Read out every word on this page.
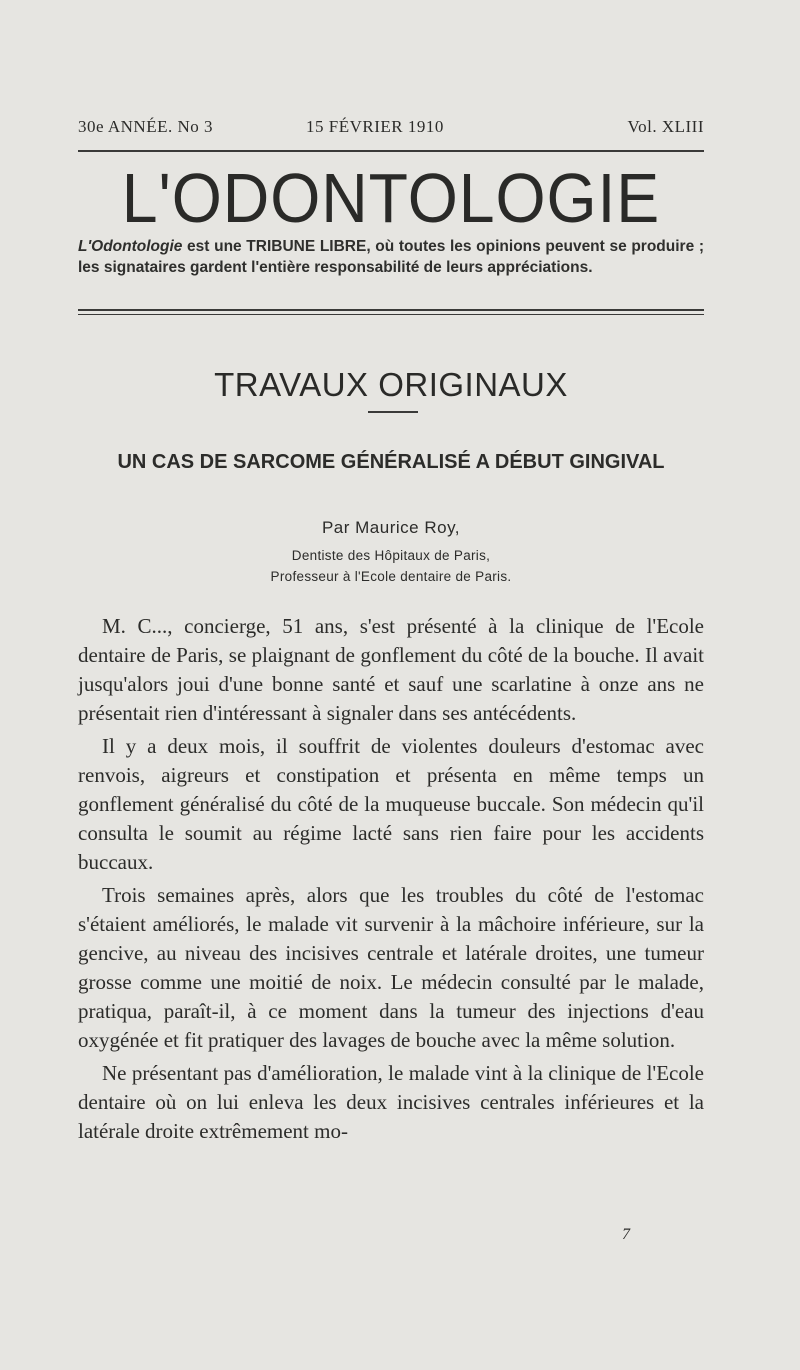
30e ANNÉE. No 3	15 FÉVRIER 1910	Vol. XLIII
L'ODONTOLOGIE
L'Odontologie est une TRIBUNE LIBRE, où toutes les opinions peuvent se produire ; les signataires gardent l'entière responsabilité de leurs appréciations.
TRAVAUX ORIGINAUX
UN CAS DE SARCOME GÉNÉRALISÉ A DÉBUT GINGIVAL
Par Maurice Roy,
Dentiste des Hôpitaux de Paris,
Professeur à l'Ecole dentaire de Paris.

M. C..., concierge, 51 ans, s'est présenté à la clinique de l'Ecole dentaire de Paris, se plaignant de gonflement du côté de la bouche. Il avait jusqu'alors joui d'une bonne santé et sauf une scarlatine à onze ans ne présentait rien d'intéressant à signaler dans ses antécédents.

Il y a deux mois, il souffrit de violentes douleurs d'estomac avec renvois, aigreurs et constipation et présenta en même temps un gonflement généralisé du côté de la muqueuse buccale. Son médecin qu'il consulta le soumit au régime lacté sans rien faire pour les accidents buccaux.

Trois semaines après, alors que les troubles du côté de l'estomac s'étaient améliorés, le malade vit survenir à la mâchoire inférieure, sur la gencive, au niveau des incisives centrale et latérale droites, une tumeur grosse comme une moitié de noix. Le médecin consulté par le malade, pratiqua, paraît-il, à ce moment dans la tumeur des injections d'eau oxygénée et fit pratiquer des lavages de bouche avec la même solution.

Ne présentant pas d'amélioration, le malade vint à la clinique de l'Ecole dentaire où on lui enleva les deux incisives centrales inférieures et la latérale droite extrêmement mo-

7
